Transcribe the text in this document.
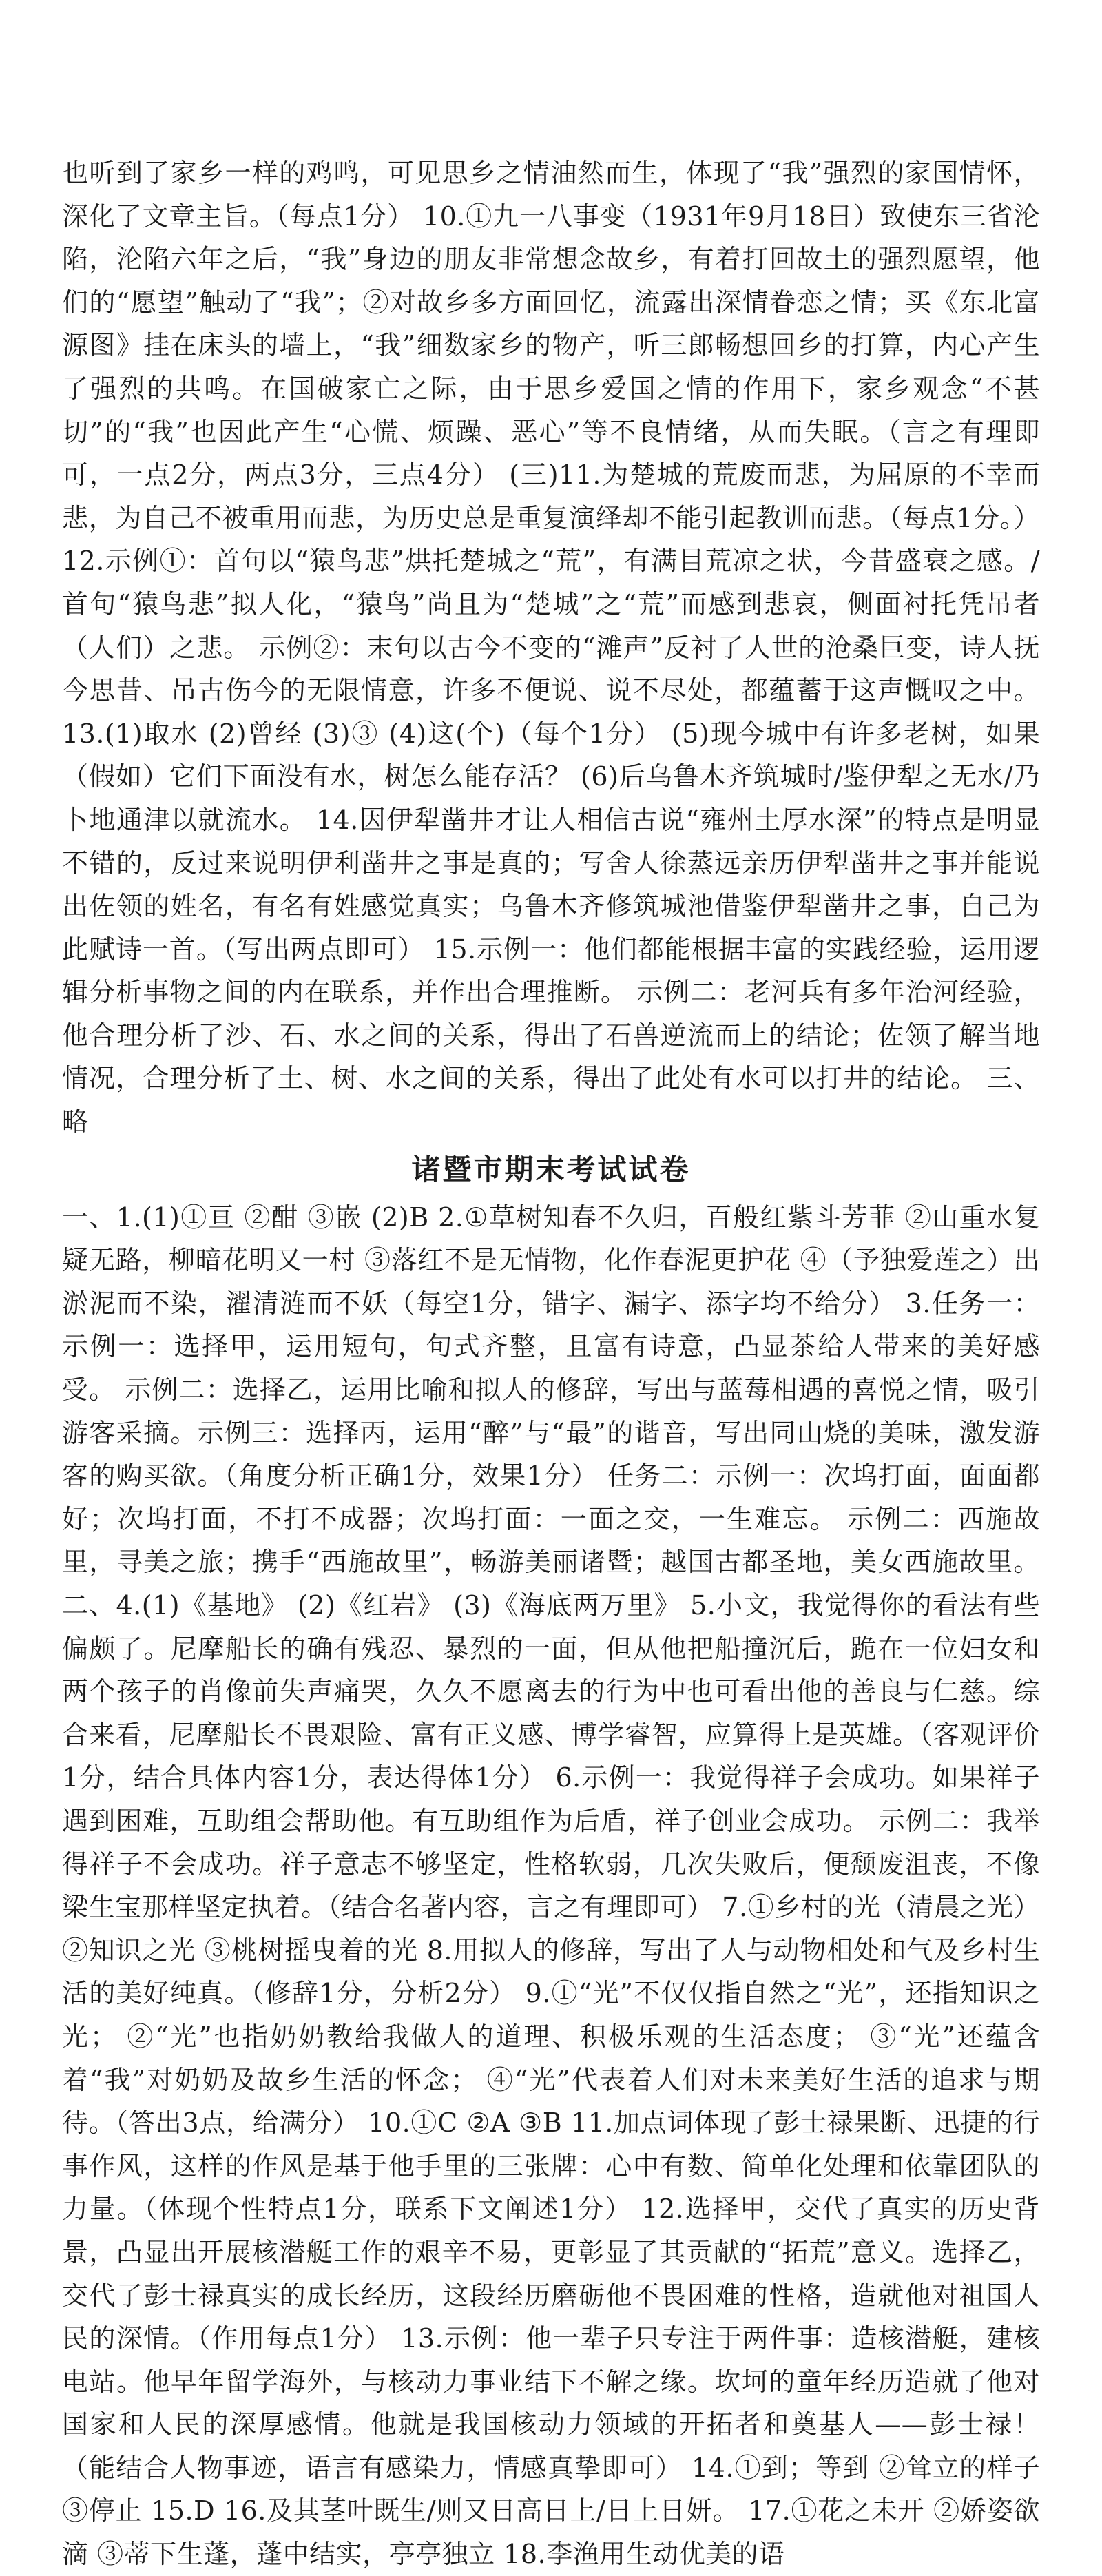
也听到了家乡一样的鸡鸣，可见思乡之情油然而生，体现了“我”强烈的家国情怀，深化了文章主旨。（每点1分） 10.①九一八事变（1931年9月18日）致使东三省沦陷，沦陷六年之后，“我”身边的朋友非常想念故乡，有着打回故土的强烈愿望，他们的“愿望”触动了“我”；②对故乡多方面回忆，流露出深情眷恋之情；买《东北富源图》挂在床头的墙上，“我”细数家乡的物产，听三郎畅想回乡的打算，内心产生了强烈的共鸣。在国破家亡之际，由于思乡爱国之情的作用下，家乡观念“不甚切”的“我”也因此产生“心慌、烦躁、恶心”等不良情绪，从而失眠。（言之有理即可，一点2分，两点3分，三点4分） (三)11.为楚城的荒废而悲，为屈原的不幸而悲，为自己不被重用而悲，为历史总是重复演绎却不能引起教训而悲。（每点1分。） 12.示例①：首句以“猿鸟悲”烘托楚城之“荒”，有满目荒凉之状，今昔盛衰之感。/首句“猿鸟悲”拟人化，“猿鸟”尚且为“楚城”之“荒”而感到悲哀，侧面衬托凭吊者（人们）之悲。 示例②：末句以古今不变的“滩声”反衬了人世的沧桑巨变，诗人抚今思昔、吊古伤今的无限情意，许多不便说、说不尽处，都蕴蓄于这声慨叹之中。 13.(1)取水 (2)曾经 (3)③ (4)这(个)（每个1分） (5)现今城中有许多老树，如果（假如）它们下面没有水，树怎么能存活？ (6)后乌鲁木齐筑城时/鉴伊犁之无水/乃卜地通津以就流水。 14.因伊犁凿井才让人相信古说“雍州土厚水深”的特点是明显不错的，反过来说明伊利凿井之事是真的；写舍人徐蒸远亲历伊犁凿井之事并能说出佐领的姓名，有名有姓感觉真实；乌鲁木齐修筑城池借鉴伊犁凿井之事，自己为此赋诗一首。（写出两点即可） 15.示例一：他们都能根据丰富的实践经验，运用逻辑分析事物之间的内在联系，并作出合理推断。 示例二：老河兵有多年治河经验，他合理分析了沙、石、水之间的关系，得出了石兽逆流而上的结论；佐领了解当地情况，合理分析了土、树、水之间的关系，得出了此处有水可以打井的结论。 三、略

诸暨市期末考试试卷

一、1.(1)①亘 ②酣 ③嵌 (2)B 2.①草树知春不久归，百般红紫斗芳菲 ②山重水复疑无路，柳暗花明又一村 ③落红不是无情物，化作春泥更护花 ④（予独爱莲之）出淤泥而不染，濯清涟而不妖（每空1分，错字、漏字、添字均不给分） 3.任务一：示例一：选择甲，运用短句，句式齐整，且富有诗意，凸显茶给人带来的美好感受。 示例二：选择乙，运用比喻和拟人的修辞，写出与蓝莓相遇的喜悦之情，吸引游客采摘。示例三：选择丙，运用“醉”与“最”的谐音，写出同山烧的美味，激发游客的购买欲。（角度分析正确1分，效果1分） 任务二：示例一：次坞打面，面面都好；次坞打面，不打不成器；次坞打面：一面之交，一生难忘。 示例二：西施故里，寻美之旅；携手“西施故里”，畅游美丽诸暨；越国古都圣地，美女西施故里。 二、4.(1)《基地》 (2)《红岩》 (3)《海底两万里》 5.小文，我觉得你的看法有些偏颇了。尼摩船长的确有残忍、暴烈的一面，但从他把船撞沉后，跪在一位妇女和两个孩子的肖像前失声痛哭，久久不愿离去的行为中也可看出他的善良与仁慈。综合来看，尼摩船长不畏艰险、富有正义感、博学睿智，应算得上是英雄。（客观评价1分，结合具体内容1分，表达得体1分） 6.示例一：我觉得祥子会成功。如果祥子遇到困难，互助组会帮助他。有互助组作为后盾，祥子创业会成功。 示例二：我举得祥子不会成功。祥子意志不够坚定，性格软弱，几次失败后，便颓废沮丧，不像梁生宝那样坚定执着。（结合名著内容，言之有理即可） 7.①乡村的光（清晨之光） ②知识之光 ③桃树摇曳着的光 8.用拟人的修辞，写出了人与动物相处和气及乡村生活的美好纯真。（修辞1分，分析2分） 9.①“光”不仅仅指自然之“光”，还指知识之光； ②“光”也指奶奶教给我做人的道理、积极乐观的生活态度； ③“光”还蕴含着“我”对奶奶及故乡生活的怀念； ④“光”代表着人们对未来美好生活的追求与期待。（答出3点，给满分） 10.①C ②A ③B 11.加点词体现了彭士禄果断、迅捷的行事作风，这样的作风是基于他手里的三张牌：心中有数、简单化处理和依靠团队的力量。（体现个性特点1分，联系下文阐述1分） 12.选择甲，交代了真实的历史背景，凸显出开展核潜艇工作的艰辛不易，更彰显了其贡献的“拓荒”意义。选择乙，交代了彭士禄真实的成长经历，这段经历磨砺他不畏困难的性格，造就他对祖国人民的深情。（作用每点1分） 13.示例：他一辈子只专注于两件事：造核潜艇，建核电站。他早年留学海外，与核动力事业结下不解之缘。坎坷的童年经历造就了他对国家和人民的深厚感情。他就是我国核动力领域的开拓者和奠基人——彭士禄！（能结合人物事迹，语言有感染力，情感真挚即可） 14.①到；等到 ②耸立的样子 ③停止 15.D 16.及其茎叶既生/则又日高日上/日上日妍。 17.①花之未开 ②娇姿欲滴 ③蒂下生蓬，蓬中结实，亭亭独立 18.李渔用生动优美的语
